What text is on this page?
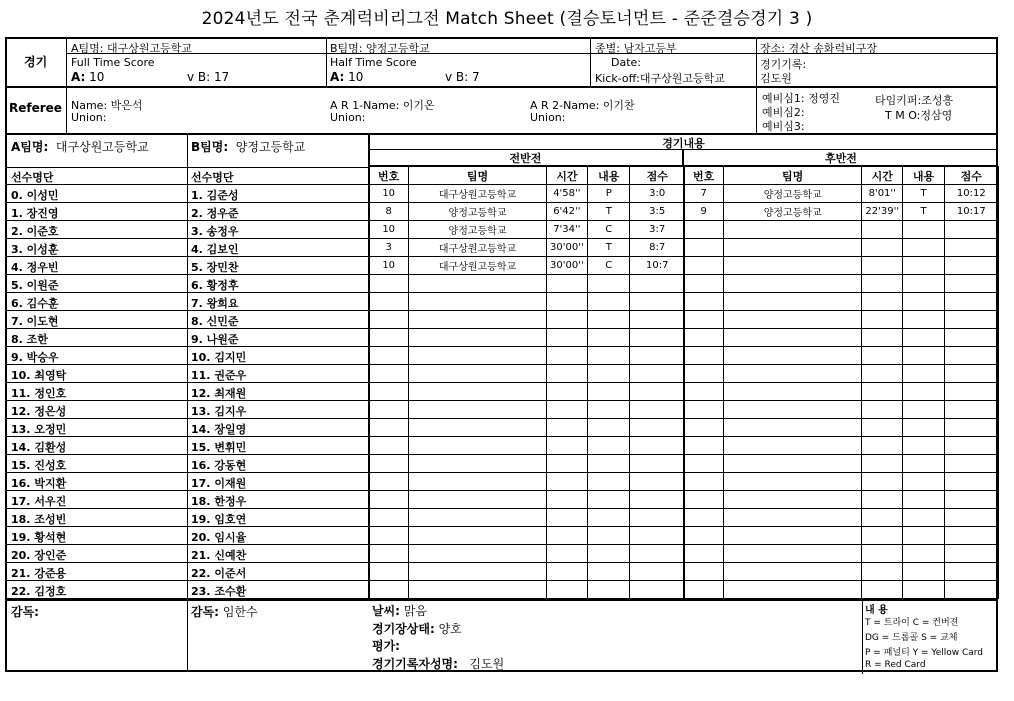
2024년도 전국 춘계럭비리그전 Match Sheet (결승토너먼트 - 준준결승경기 3 )
경기
A팀명: 대구상원고등학교	B팀명: 양정고등학교	종별: 남자고등부	장소: 경산 송화럭비구장
Full Time Score
A: 10	v B: 17
Half Time Score
A: 10	v B: 7
Date:
Kick-off:대구상원고등학교
경기기록:
김도원
Referee Name: 박은석
Union:
A R 1-Name: 이기온
Union:
A R 2-Name: 이기찬
Union:
예비심1: 정영진
예비심2:
예비심3:
타임키퍼:조성흥
T M O:정삼영
A팀명: 대구상원고등학교	B팀명: 양정고등학교
선수명단	선수명단
0. 이성민	1. 김준성
1. 장진영	2. 정우준
2. 이준호	3. 송정우
3. 이성훈	4. 김보인
4. 정우빈	5. 장민찬
5. 이원준	6. 황정후
6. 김수훈	7. 왕희요
7. 이도현	8. 신민준
8. 조한	9. 나원준
9. 박승우	10. 김지민
10. 최영탁	11. 권준우
11. 정인호	12. 최재원
12. 정은성	13. 김지우
13. 오정민	14. 장일영
14. 김환성	15. 변휘민
15. 진성호	16. 강동현
16. 박지환	17. 이재원
17. 서우진	18. 한정우
18. 조성빈	19. 임호연
19. 황석현	20. 임시율
20. 장인준	21. 신예찬
21. 강준용	22. 이준서
22. 김정호	23. 조수환
경기내용
전반전	후반전
번호	팀명	시간	내용	점수
10	대구상원고등학교	4'58''	P	3:0
8	양정고등학교	6'42''	T	3:5
10	양정고등학교	7'34''	C	3:7
3	대구상원고등학교	30'00''	T	8:7
10	대구상원고등학교	30'00''	C	10:7

번호	팀명	시간	내용	점수
7	양정고등학교	8'01''	T	10:12
9	양정고등학교	22'39''	T	10:17

감독:	감독: 임한수	날씨: 맑음
경기장상태: 양호
평가:
경기기록자성명: 김도원
내 용
T = 트라이 C = 컨버젼
DG = 드롭골 S = 교체
P = 패널티 Y = Yellow Card
R = Red Card
